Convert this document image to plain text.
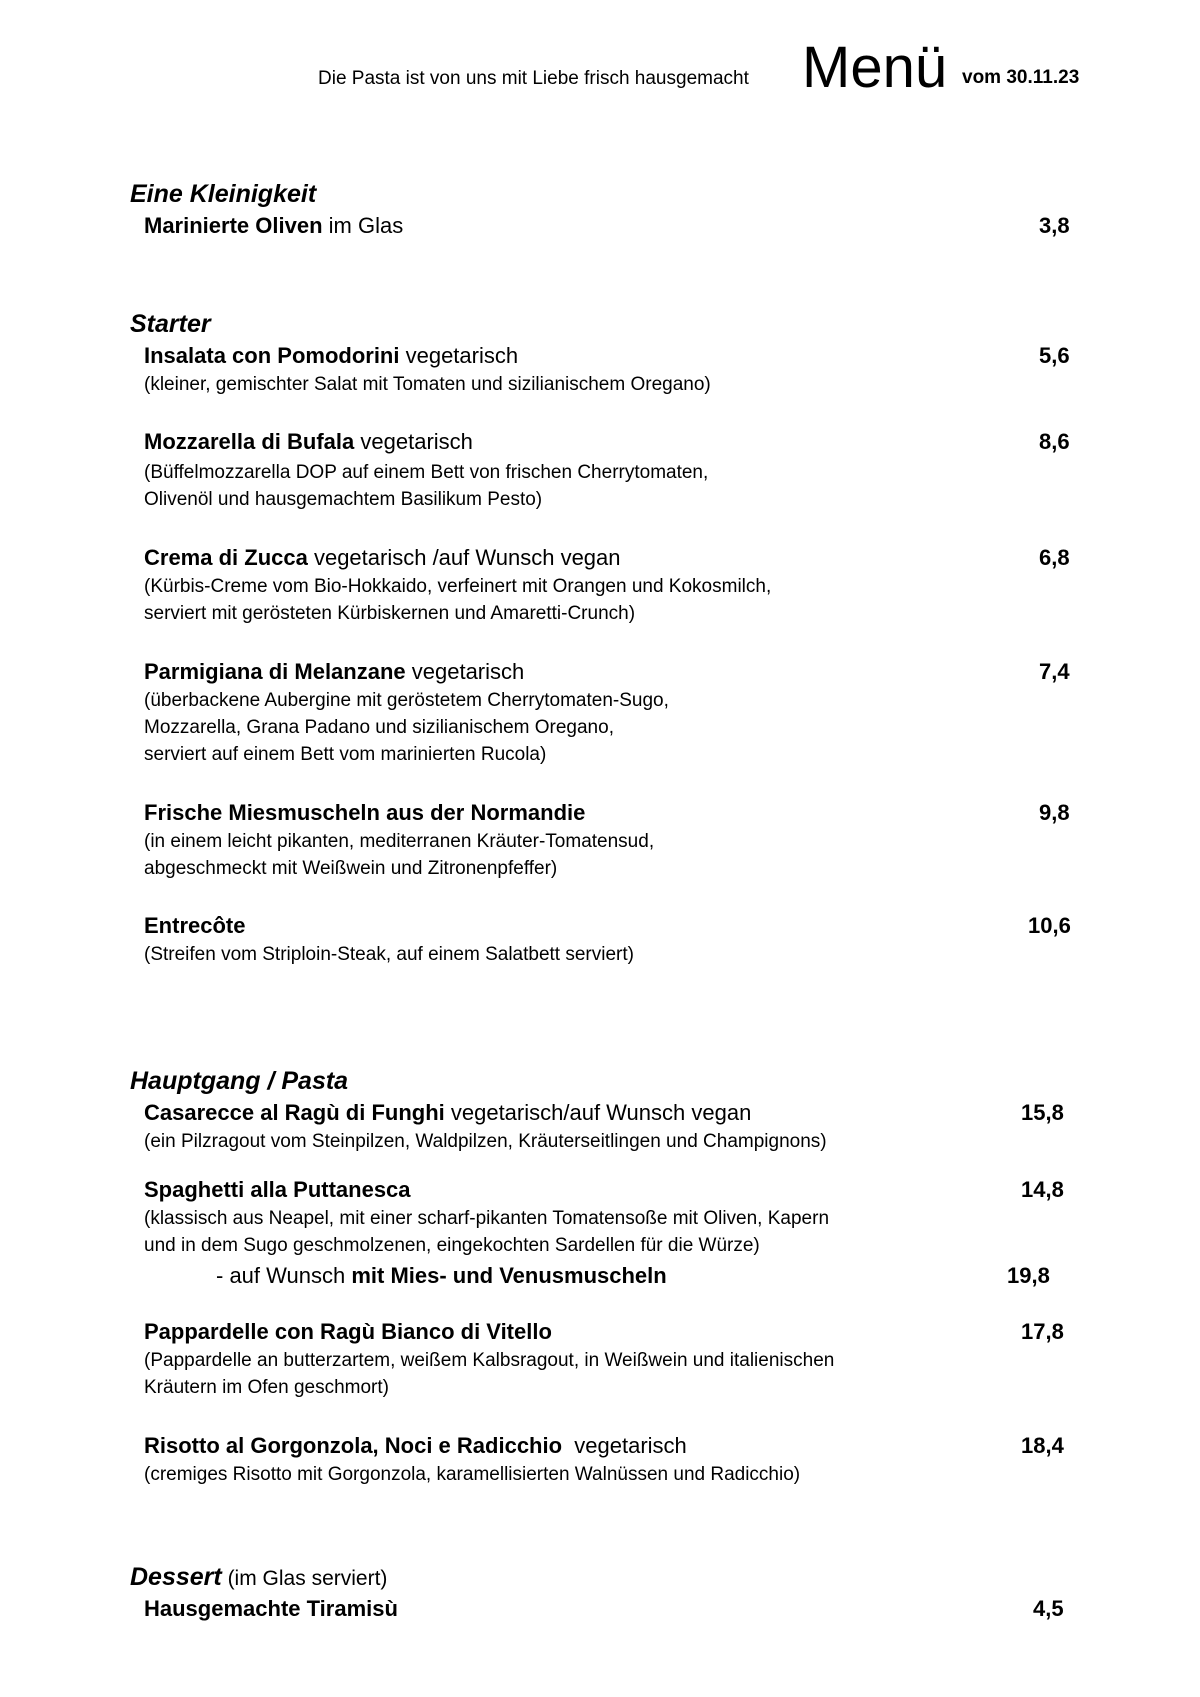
Die Pasta ist von uns mit Liebe frisch hausgemacht Menü vom 30.11.23
Eine Kleinigkeit
Marinierte Oliven im Glas	3,8
Starter
Insalata con Pomodorini vegetarisch	5,6
(kleiner, gemischter Salat mit Tomaten und sizilianischem Oregano)
Mozzarella di Bufala vegetarisch	8,6
(Büffelmozzarella DOP auf einem Bett von frischen Cherrytomaten,
Olivenöl und hausgemachtem Basilikum Pesto)
Crema di Zucca vegetarisch /auf Wunsch vegan	6,8
(Kürbis-Creme vom Bio-Hokkaido, verfeinert mit Orangen und Kokosmilch,
serviert mit gerösteten Kürbiskernen und Amaretti-Crunch)
Parmigiana di Melanzane vegetarisch	7,4
(überbackene Aubergine mit geröstetem Cherrytomaten-Sugo,
Mozzarella, Grana Padano und sizilianischem Oregano,
serviert auf einem Bett vom marinierten Rucola)
Frische Miesmuscheln aus der Normandie	9,8
(in einem leicht pikanten, mediterranen Kräuter-Tomatensud,
abgeschmeckt mit Weißwein und Zitronenpfeffer)
Entrecôte	10,6
(Streifen vom Striploin-Steak, auf einem Salatbett serviert)
Hauptgang / Pasta
Casarecce al Ragù di Funghi vegetarisch/auf Wunsch vegan	15,8
(ein Pilzragout vom Steinpilzen, Waldpilzen, Kräuterseitlingen und Champignons)
Spaghetti alla Puttanesca	14,8
(klassisch aus Neapel, mit einer scharf-pikanten Tomatensoße mit Oliven, Kapern
und in dem Sugo geschmolzenen, eingekochten Sardellen für die Würze)
- auf Wunsch mit Mies- und Venusmuscheln	19,8
Pappardelle con Ragù Bianco di Vitello	17,8
(Pappardelle an butterzartem, weißem Kalbsragout, in Weißwein und italienischen
Kräutern im Ofen geschmort)
Risotto al Gorgonzola, Noci e Radicchio  vegetarisch	18,4
(cremiges Risotto mit Gorgonzola, karamellisierten Walnüssen und Radicchio)
Dessert (im Glas serviert)
Hausgemachte Tiramisù	4,5
